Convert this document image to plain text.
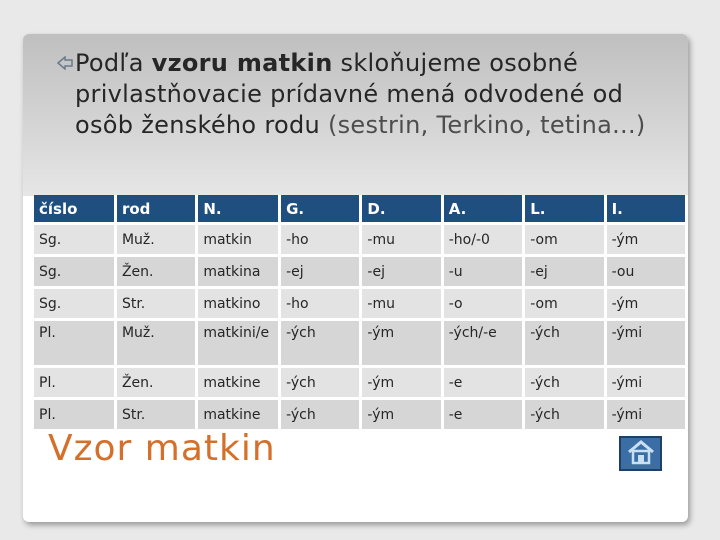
Podľa vzoru matkin skloňujeme osobné privlastňovacie prídavné mená odvodené od osôb ženského rodu (sestrin, Terkino, tetina...)
číslo	rod	N.	G.	D.	A.	L.	I.
Sg.	Muž.	matkin	-ho	-mu	-ho/-0	-om	-ým
Sg.	Žen.	matkina	-ej	-ej	-u	-ej	-ou
Sg.	Str.	matkino	-ho	-mu	-o	-om	-ým
Pl.	Muž.	matkini/e	-ých	-ým	-ých/-e	-ých	-ými
Pl.	Žen.	matkine	-ých	-ým	-e	-ých	-ými
Pl.	Str.	matkine	-ých	-ým	-e	-ých	-ými
Vzor matkin
